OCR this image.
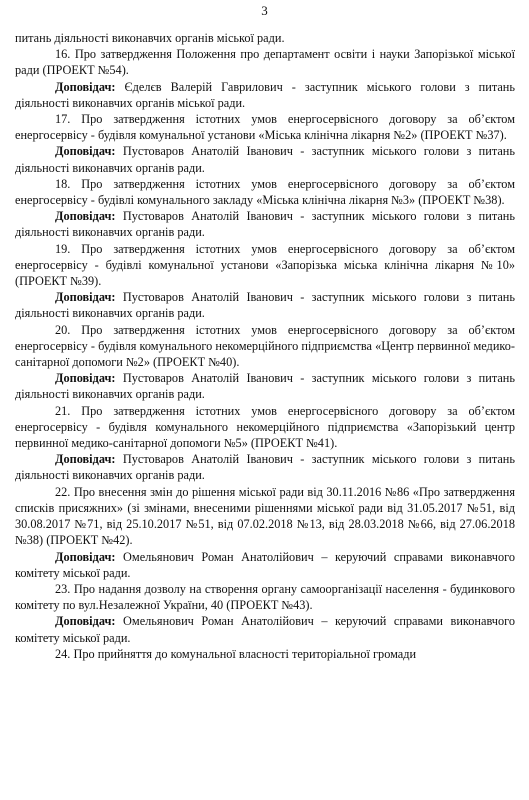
3

питань діяльності виконавчих органів міської ради.

16. Про затвердження Положення про департамент освіти і науки Запорізької міської ради (ПРОЕКТ №54).

Доповідач: Єделєв Валерій Гаврилович - заступник міського голови з питань діяльності виконавчих органів міської ради.

17. Про затвердження істотних умов енергосервісного договору за об’єктом енергосервісу - будівля комунальної установи «Міська клінічна лікарня №2» (ПРОЕКТ №37).

Доповідач: Пустоваров Анатолій Іванович - заступник міського голови з питань діяльності виконавчих органів ради.

18. Про затвердження істотних умов енергосервісного договору за об’єктом енергосервісу - будівлі комунального закладу «Міська клінічна лікарня №3» (ПРОЕКТ №38).

Доповідач: Пустоваров Анатолій Іванович - заступник міського голови з питань діяльності виконавчих органів ради.

19. Про затвердження істотних умов енергосервісного договору за об’єктом енергосервісу - будівлі комунальної установи «Запорізька міська клінічна лікарня №10» (ПРОЕКТ №39).

Доповідач: Пустоваров Анатолій Іванович - заступник міського голови з питань діяльності виконавчих органів ради.

20. Про затвердження істотних умов енергосервісного договору за об’єктом енергосервісу - будівля комунального некомерційного підприємства «Центр первинної медико-санітарної допомоги №2» (ПРОЕКТ №40).

Доповідач: Пустоваров Анатолій Іванович - заступник міського голови з питань діяльності виконавчих органів ради.

21. Про затвердження істотних умов енергосервісного договору за об’єктом енергосервісу - будівля комунального некомерційного підприємства «Запорізький центр первинної медико-санітарної допомоги №5» (ПРОЕКТ №41).

Доповідач: Пустоваров Анатолій Іванович - заступник міського голови з питань діяльності виконавчих органів ради.

22. Про внесення змін до рішення міської ради від 30.11.2016 №86 «Про затвердження списків присяжних» (зі змінами, внесеними рішеннями міської ради від 31.05.2017 №51, від 30.08.2017 №71, від 25.10.2017 №51, від 07.02.2018 №13, від 28.03.2018 №66, від 27.06.2018 №38) (ПРОЕКТ №42).

Доповідач: Омельянович Роман Анатолійович – керуючий справами виконавчого комітету міської ради.

23. Про надання дозволу на створення органу самоорганізації населення - будинкового комітету по вул.Незалежної України, 40 (ПРОЕКТ №43).

Доповідач: Омельянович Роман Анатолійович – керуючий справами виконавчого комітету міської ради.

24. Про прийняття до комунальної власності територіальної громади
